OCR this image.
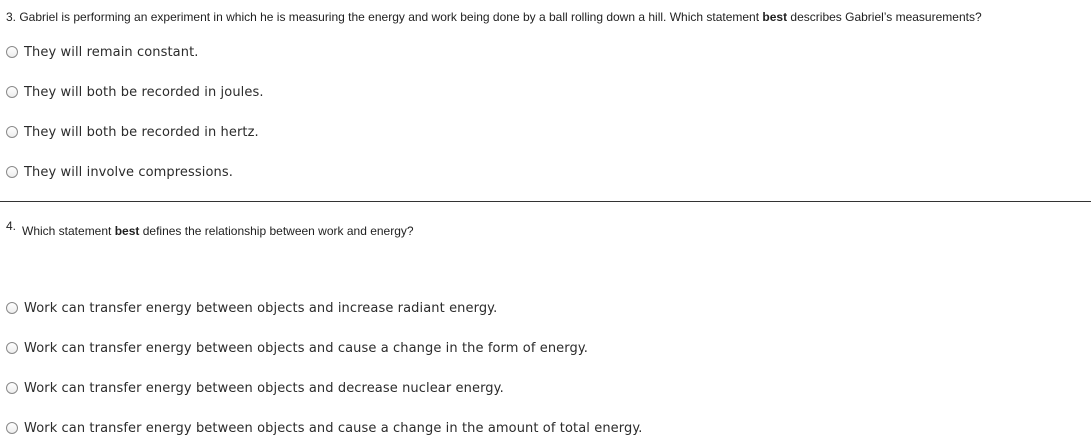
3. Gabriel is performing an experiment in which he is measuring the energy and work being done by a ball rolling down a hill. Which statement best describes Gabriel’s measurements?
They will remain constant.
They will both be recorded in joules.
They will both be recorded in hertz.
They will involve compressions.
4. Which statement best defines the relationship between work and energy?
Work can transfer energy between objects and increase radiant energy.
Work can transfer energy between objects and cause a change in the form of energy.
Work can transfer energy between objects and decrease nuclear energy.
Work can transfer energy between objects and cause a change in the amount of total energy.
